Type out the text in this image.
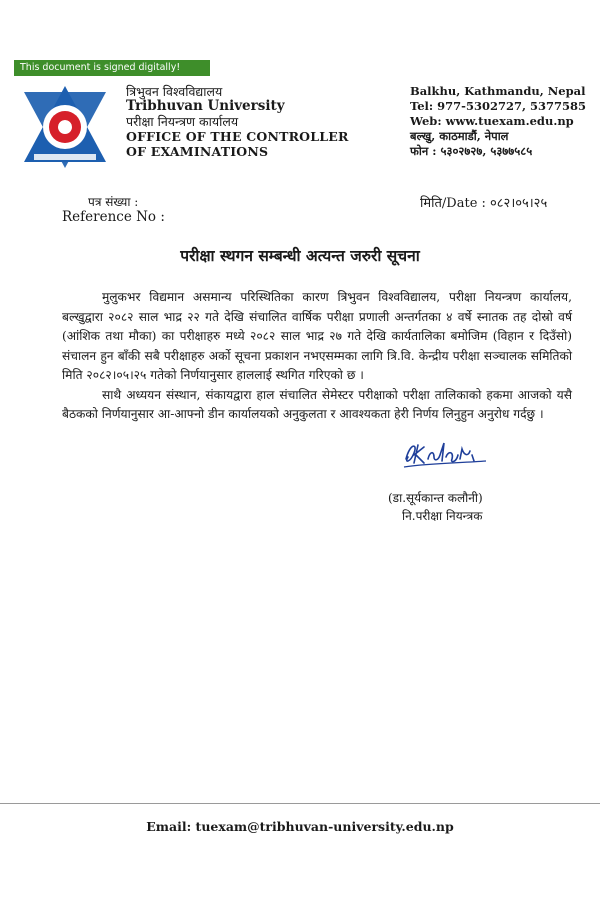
This document is signed digitally!
त्रिभुवन विश्वविद्यालय
Tribhuvan University
परीक्षा नियन्त्रण कार्यालय
OFFICE OF THE CONTROLLER
OF EXAMINATIONS
Balkhu, Kathmandu, Nepal
Tel: 977-5302727, 5377585
Web: www.tuexam.edu.np
बल्खु, काठमाडौं, नेपाल
फोन : ५३०२७२७, ५३७७५८५
पत्र संख्या :
Reference No :
मिति/Date : ०८२।०५।२५
परीक्षा स्थगन सम्बन्धी अत्यन्त जरुरी सूचना

मुलुकभर विद्यमान असमान्य परिस्थितिका कारण त्रिभुवन विश्वविद्यालय, परीक्षा नियन्त्रण कार्यालय, बल्खुद्वारा २०८२ साल भाद्र २२ गते देखि संचालित वार्षिक परीक्षा प्रणाली अन्तर्गतका ४ वर्षे स्नातक तह दोस्रो वर्ष (आंशिक तथा मौका) का परीक्षाहरु मध्ये २०८२ साल भाद्र २७ गते देखि कार्यतालिका बमोजिम (विहान र दिउँसो) संचालन हुन बाँकी सबै परीक्षाहरु अर्को सूचना प्रकाशन नभएसम्मका लागि त्रि.वि. केन्द्रीय परीक्षा सञ्चालक समितिको मिति २०८२।०५।२५ गतेको निर्णयानुसार हाललाई स्थगित गरिएको छ ।

साथै अध्ययन संस्थान, संकायद्वारा हाल संचालित सेमेस्टर परीक्षाको परीक्षा तालिकाको हकमा आजको यसै बैठकको निर्णयानुसार आ-आफ्नो डीन कार्यालयको अनुकुलता र आवश्यकता हेरी निर्णय लिनुहुन अनुरोध गर्दछु ।

(डा.सूर्यकान्त कलौनी)
नि.परीक्षा नियन्त्रक
Email: tuexam@tribhuvan-university.edu.np
